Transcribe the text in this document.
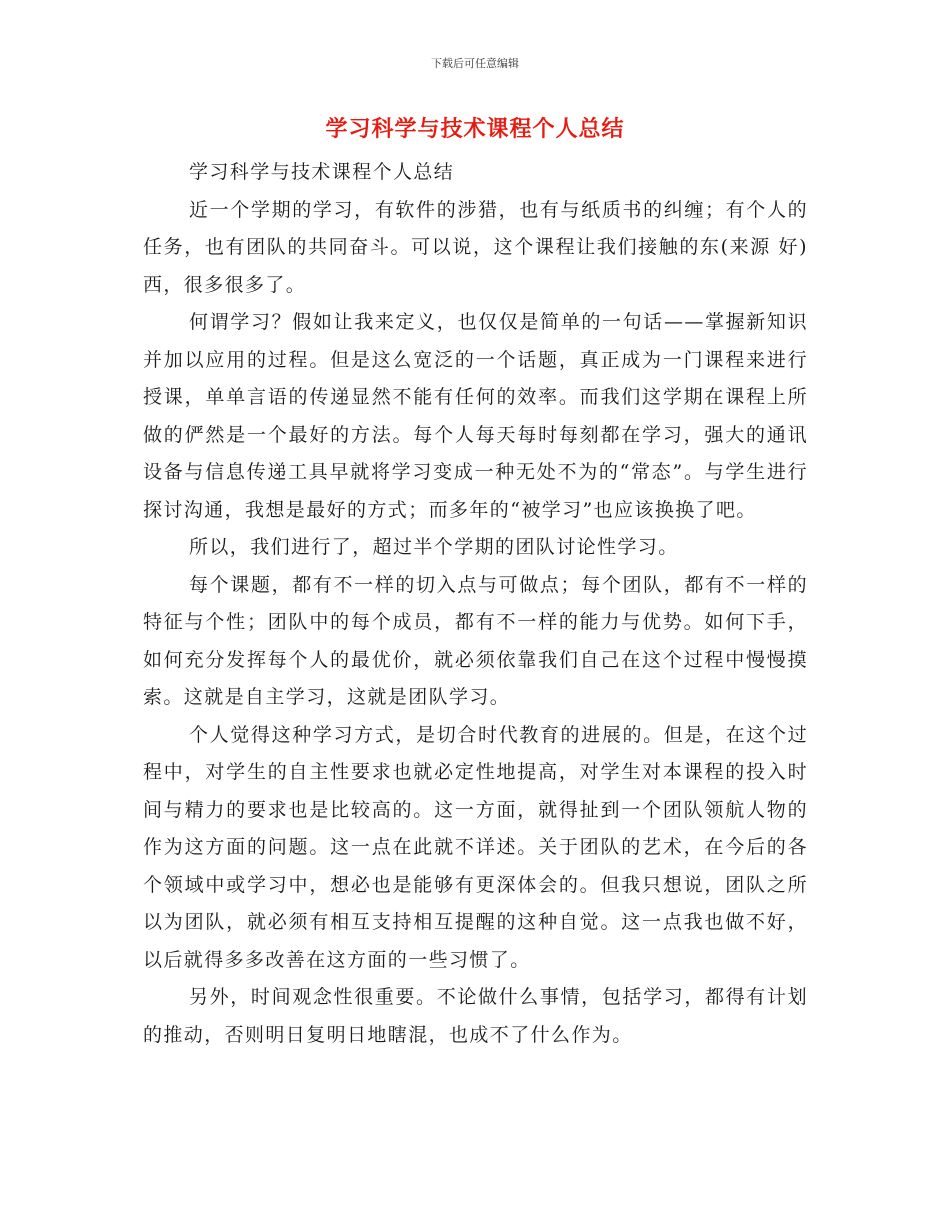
下载后可任意编辑
学习科学与技术课程个人总结

学习科学与技术课程个人总结

近一个学期的学习，有软件的涉猎，也有与纸质书的纠缠；有个人的任务，也有团队的共同奋斗。可以说，这个课程让我们接触的东(来源 好)西，很多很多了。

何谓学习？假如让我来定义，也仅仅是简单的一句话——掌握新知识并加以应用的过程。但是这么宽泛的一个话题，真正成为一门课程来进行授课，单单言语的传递显然不能有任何的效率。而我们这学期在课程上所做的俨然是一个最好的方法。每个人每天每时每刻都在学习，强大的通讯设备与信息传递工具早就将学习变成一种无处不为的“常态”。与学生进行探讨沟通，我想是最好的方式；而多年的“被学习”也应该换换了吧。

所以，我们进行了，超过半个学期的团队讨论性学习。

每个课题，都有不一样的切入点与可做点；每个团队，都有不一样的特征与个性；团队中的每个成员，都有不一样的能力与优势。如何下手，如何充分发挥每个人的最优价，就必须依靠我们自己在这个过程中慢慢摸索。这就是自主学习，这就是团队学习。

个人觉得这种学习方式，是切合时代教育的进展的。但是，在这个过程中，对学生的自主性要求也就必定性地提高，对学生对本课程的投入时间与精力的要求也是比较高的。这一方面，就得扯到一个团队领航人物的作为这方面的问题。这一点在此就不详述。关于团队的艺术，在今后的各个领域中或学习中，想必也是能够有更深体会的。但我只想说，团队之所以为团队，就必须有相互支持相互提醒的这种自觉。这一点我也做不好，以后就得多多改善在这方面的一些习惯了。

另外，时间观念性很重要。不论做什么事情，包括学习，都得有计划的推动，否则明日复明日地瞎混，也成不了什么作为。
